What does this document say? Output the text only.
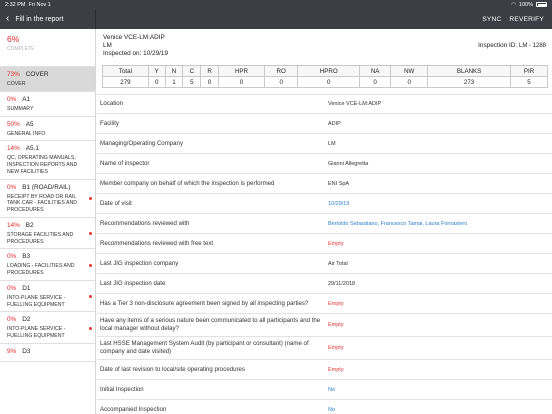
2:32 PM Fri Nov 1	◠ 100%
‹ Fill in the report	SYNC REVERIFY
6%
COMPLETE
73% COVER
COVER
0% A1
SUMMARY
50% A5
GENERAL INFO
14% A5.1
QC, OPERATING MANUALS, INSPECTION REPORTS AND NEW FACILITIES
0% B1 (ROAD/RAIL)
RECEIPT BY ROAD OR RAIL TANK CAR - FACILITIES AND PROCEDURES
14% B2
STORAGE FACILITIES AND PROCEDURES
0% B3
LOADING - FACILITIES AND PROCEDURES
0% D1
INTO-PLANE SERVICE - FUELLING EQUIPMENT
0% D2
INTO-PLANE SERVICE - FUELLING EQUIPMENT
9% D3
Venice VCE-LM:ADIP
LM
Inspected on: 10/29/19
Inspection ID: LM - 1288
Total	Y	N	C	R	HPR	RO	HPRO	NA	NW	BLANKS	PIR
279	0	1	5	0	0	0	0	0	0	273	5
Location	Venice VCE-LM:ADIP
Facility	ADIP
Managing/Operating Company	LM
Name of inspector	Gianni Allegretta
Member company on behalf of which the inspection is performed	ENI SpA
Date of visit	10/29/19
Recommendations reviewed with	Bertoldo Sebastiano, Francesco Tamai, Laura Fornasiero
Recommendations reviewed with free text	Empty
Last JIG inspection company	Air Total
Last JIG inspection date	29/11/2018
Has a Tier 3 non-disclosure agreement been signed by all inspecting parties?	Empty
Have any items of a serious nature been communicated to all participants and the local manager without delay?	Empty
Last HSSE Management System Audit (by participant or consultant) (name of company and date visited)	Empty
Date of last revision to local/site operating procedures	Empty
Initial Inspection	No
Accompanied Inspection	No
